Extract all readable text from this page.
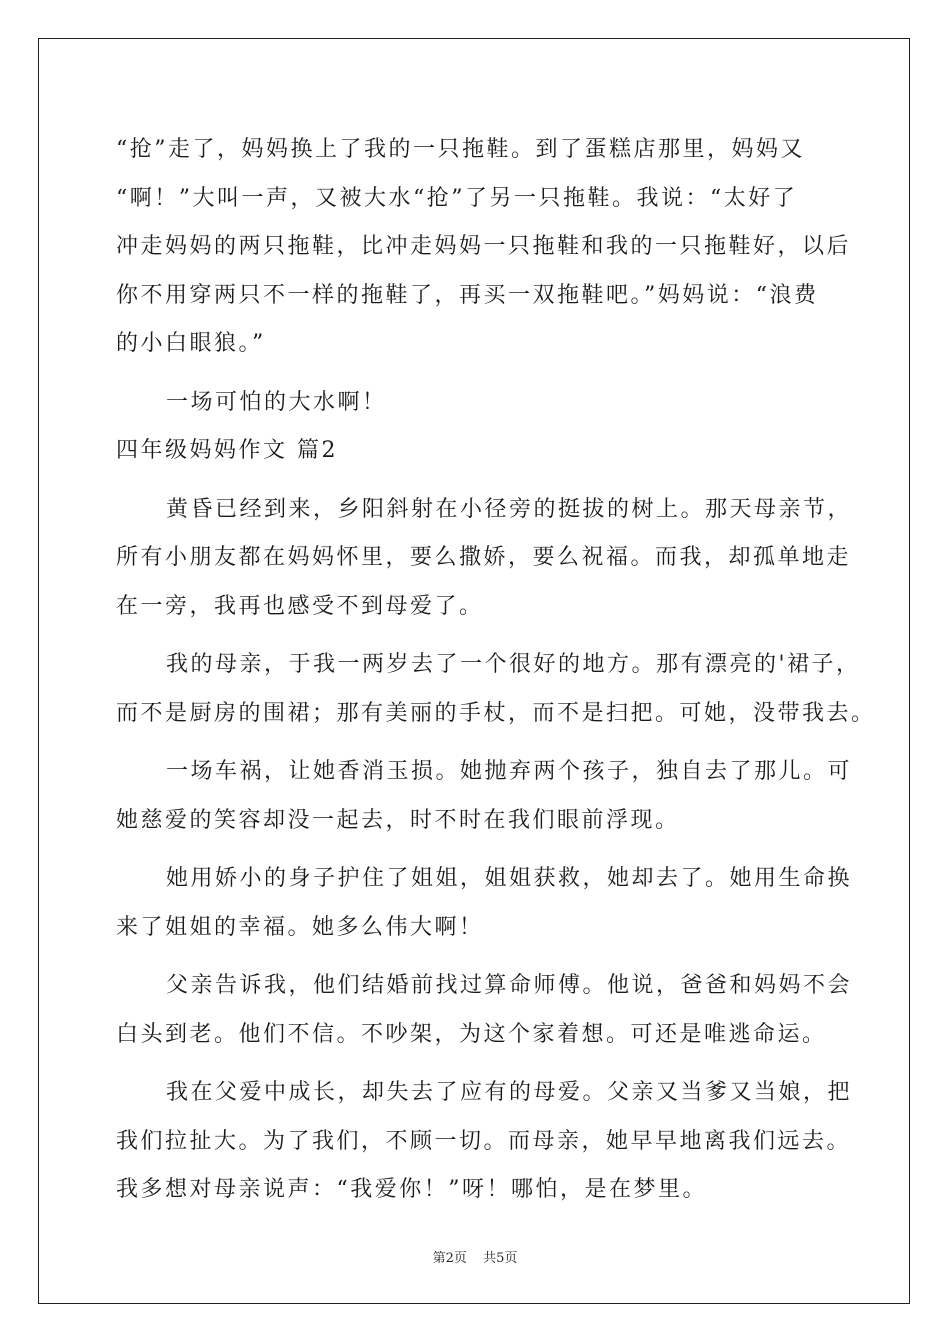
“抢”走了，妈妈换上了我的一只拖鞋。到了蛋糕店那里，妈妈又
“啊！”大叫一声，又被大水“抢”了另一只拖鞋。我说：“太好了
冲走妈妈的两只拖鞋，比冲走妈妈一只拖鞋和我的一只拖鞋好，以后
你不用穿两只不一样的拖鞋了，再买一双拖鞋吧。”妈妈说：“浪费
的小白眼狼。”
一场可怕的大水啊！
四年级妈妈作文 篇2
黄昏已经到来，乡阳斜射在小径旁的挺拔的树上。那天母亲节，
所有小朋友都在妈妈怀里，要么撒娇，要么祝福。而我，却孤单地走
在一旁，我再也感受不到母爱了。
我的母亲，于我一两岁去了一个很好的地方。那有漂亮的'裙子，
而不是厨房的围裙；那有美丽的手杖，而不是扫把。可她，没带我去。
一场车祸，让她香消玉损。她抛弃两个孩子，独自去了那儿。可
她慈爱的笑容却没一起去，时不时在我们眼前浮现。
她用娇小的身子护住了姐姐，姐姐获救，她却去了。她用生命换
来了姐姐的幸福。她多么伟大啊！
父亲告诉我，他们结婚前找过算命师傅。他说，爸爸和妈妈不会
白头到老。他们不信。不吵架，为这个家着想。可还是唯逃命运。
我在父爱中成长，却失去了应有的母爱。父亲又当爹又当娘，把
我们拉扯大。为了我们，不顾一切。而母亲，她早早地离我们远去。
我多想对母亲说声：“我爱你！”呀！哪怕，是在梦里。
第2页 共5页
